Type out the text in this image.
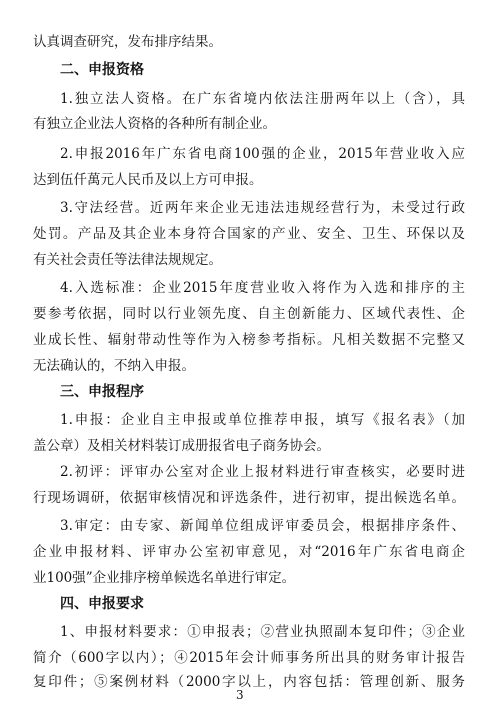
认真调查研究，发布排序结果。
二、申报资格
1.独立法人资格。在广东省境内依法注册两年以上（含），具
有独立企业法人资格的各种所有制企业。
2.申报2016年广东省电商100强的企业，2015年营业收入应
达到伍仟萬元人民币及以上方可申报。
3.守法经营。近两年来企业无违法违规经营行为，未受过行政
处罚。产品及其企业本身符合国家的产业、安全、卫生、环保以及
有关社会责任等法律法规规定。
4.入选标准：企业2015年度营业收入将作为入选和排序的主
要参考依据，同时以行业领先度、自主创新能力、区域代表性、企
业成长性、辐射带动性等作为入榜参考指标。凡相关数据不完整又
无法确认的，不纳入申报。
三、申报程序
1.申报：企业自主申报或单位推荐申报，填写《报名表》（加
盖公章）及相关材料装订成册报省电子商务协会。
2.初评：评审办公室对企业上报材料进行审查核实，必要时进
行现场调研，依据审核情况和评选条件，进行初审，提出候选名单。
3.审定：由专家、新闻单位组成评审委员会，根据排序条件、
企业申报材料、评审办公室初审意见，对“2016年广东省电商企
业100强”企业排序榜单候选名单进行审定。
四、申报要求
1、申报材料要求：①申报表；②营业执照副本复印件；③企业
简介（600字以内）；④2015年会计师事务所出具的财务审计报告
复印件；⑤案例材料（2000字以上，内容包括：管理创新、服务
3
